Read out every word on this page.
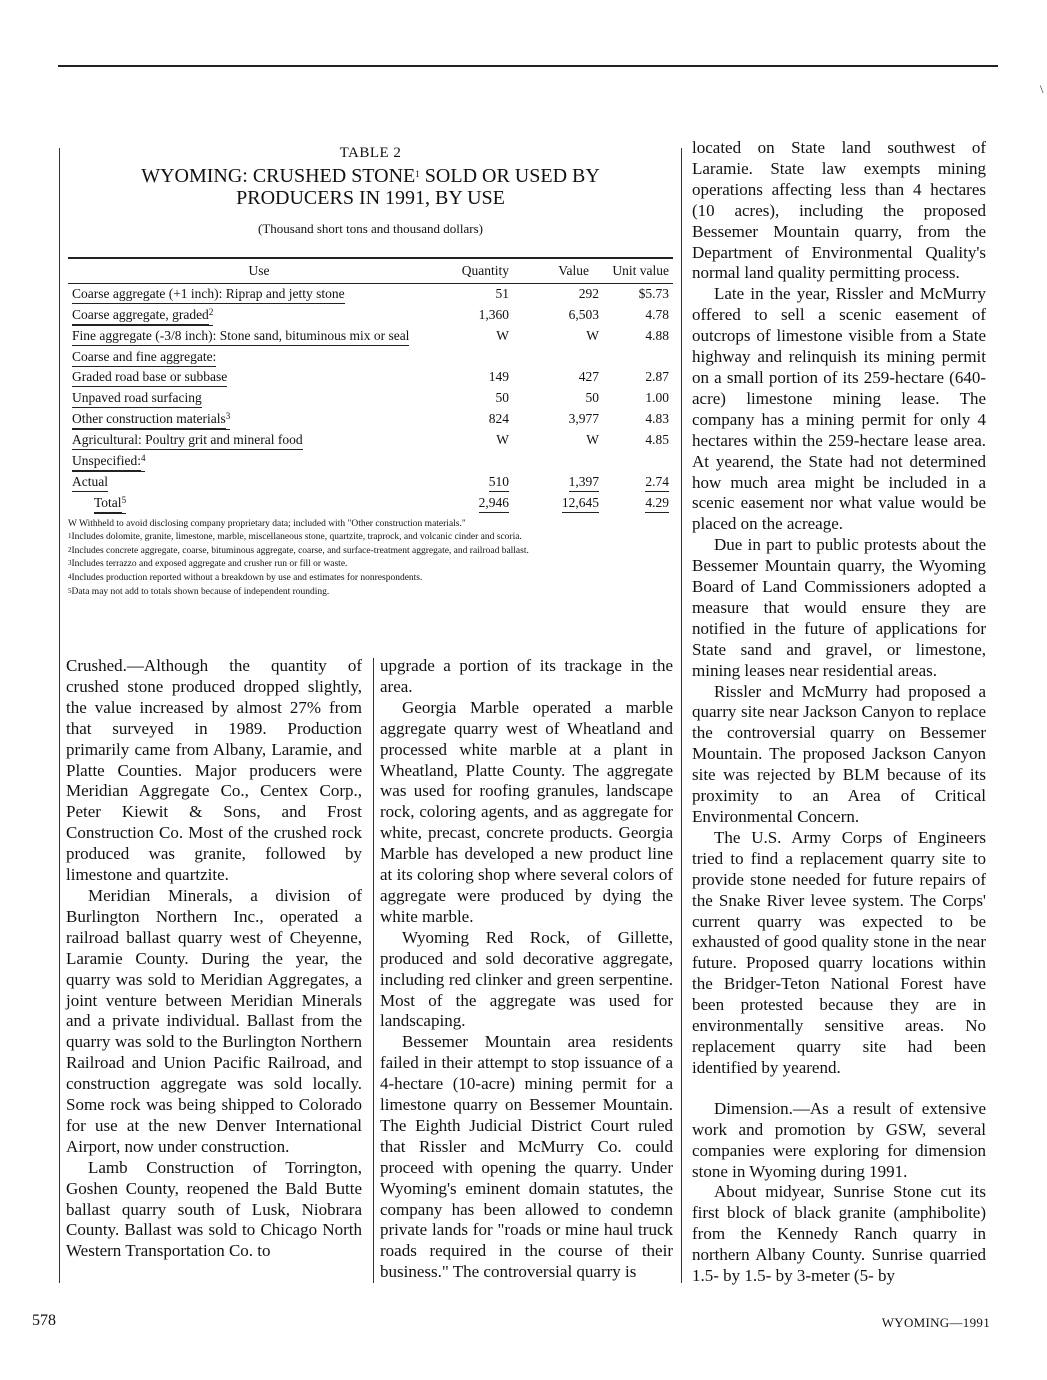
\
TABLE 2
WYOMING: CRUSHED STONE$^1$ SOLD OR USED BY PRODUCERS IN 1991, BY USE
(Thousand short tons and thousand dollars)
Use	Quantity	Value	Unit value
Coarse aggregate (+1 inch): Riprap and jetty stone	51	292	$5.73
Coarse aggregate, graded$^2$	1,360	6,503	4.78
Fine aggregate (-3/8 inch): Stone sand, bituminous mix or seal	W	W	4.88
Coarse and fine aggregate:			
Graded road base or subbase	149	427	2.87
Unpaved road surfacing	50	50	1.00
Other construction materials$^3$	824	3,977	4.83
Agricultural: Poultry grit and mineral food	W	W	4.85
Unspecified:$^4$			
Actual	510	1,397	2.74
Total$^5$	2,946	12,645	4.29
W Withheld to avoid disclosing company proprietary data; included with "Other construction materials."
$^1$Includes dolomite, granite, limestone, marble, miscellaneous stone, quartzite, traprock, and volcanic cinder and scoria.
$^2$Includes concrete aggregate, coarse, bituminous aggregate, coarse, and surface-treatment aggregate, and railroad ballast.
$^3$Includes terrazzo and exposed aggregate and crusher run or fill or waste.
$^4$Includes production reported without a breakdown by use and estimates for nonrespondents.
$^5$Data may not add to totals shown because of independent rounding.

Crushed.—Although the quantity of crushed stone produced dropped slightly, the value increased by almost 27% from that surveyed in 1989. Production primarily came from Albany, Laramie, and Platte Counties. Major producers were Meridian Aggregate Co., Centex Corp., Peter Kiewit & Sons, and Frost Construction Co. Most of the crushed rock produced was granite, followed by limestone and quartzite.

Meridian Minerals, a division of Burlington Northern Inc., operated a railroad ballast quarry west of Cheyenne, Laramie County. During the year, the quarry was sold to Meridian Aggregates, a joint venture between Meridian Minerals and a private individual. Ballast from the quarry was sold to the Burlington Northern Railroad and Union Pacific Railroad, and construction aggregate was sold locally. Some rock was being shipped to Colorado for use at the new Denver International Airport, now under construction.

Lamb Construction of Torrington, Goshen County, reopened the Bald Butte ballast quarry south of Lusk, Niobrara County. Ballast was sold to Chicago North Western Transportation Co. to

upgrade a portion of its trackage in the area.

Georgia Marble operated a marble aggregate quarry west of Wheatland and processed white marble at a plant in Wheatland, Platte County. The aggregate was used for roofing granules, landscape rock, coloring agents, and as aggregate for white, precast, concrete products. Georgia Marble has developed a new product line at its coloring shop where several colors of aggregate were produced by dying the white marble.

Wyoming Red Rock, of Gillette, produced and sold decorative aggregate, including red clinker and green serpentine. Most of the aggregate was used for landscaping.

Bessemer Mountain area residents failed in their attempt to stop issuance of a 4-hectare (10-acre) mining permit for a limestone quarry on Bessemer Mountain. The Eighth Judicial District Court ruled that Rissler and McMurry Co. could proceed with opening the quarry. Under Wyoming's eminent domain statutes, the company has been allowed to condemn private lands for "roads or mine haul truck roads required in the course of their business." The controversial quarry is

located on State land southwest of Laramie. State law exempts mining operations affecting less than 4 hectares (10 acres), including the proposed Bessemer Mountain quarry, from the Department of Environmental Quality's normal land quality permitting process.

Late in the year, Rissler and McMurry offered to sell a scenic easement of outcrops of limestone visible from a State highway and relinquish its mining permit on a small portion of its 259-hectare (640-acre) limestone mining lease. The company has a mining permit for only 4 hectares within the 259-hectare lease area. At yearend, the State had not determined how much area might be included in a scenic easement nor what value would be placed on the acreage.

Due in part to public protests about the Bessemer Mountain quarry, the Wyoming Board of Land Commissioners adopted a measure that would ensure they are notified in the future of applications for State sand and gravel, or limestone, mining leases near residential areas.

Rissler and McMurry had proposed a quarry site near Jackson Canyon to replace the controversial quarry on Bessemer Mountain. The proposed Jackson Canyon site was rejected by BLM because of its proximity to an Area of Critical Environmental Concern.

The U.S. Army Corps of Engineers tried to find a replacement quarry site to provide stone needed for future repairs of the Snake River levee system. The Corps' current quarry was expected to be exhausted of good quality stone in the near future. Proposed quarry locations within the Bridger-Teton National Forest have been protested because they are in environmentally sensitive areas. No replacement quarry site had been identified by yearend.

Dimension.—As a result of extensive work and promotion by GSW, several companies were exploring for dimension stone in Wyoming during 1991.

About midyear, Sunrise Stone cut its first block of black granite (amphibolite) from the Kennedy Ranch quarry in northern Albany County. Sunrise quarried 1.5- by 1.5- by 3-meter (5- by

578	WYOMING—1991
